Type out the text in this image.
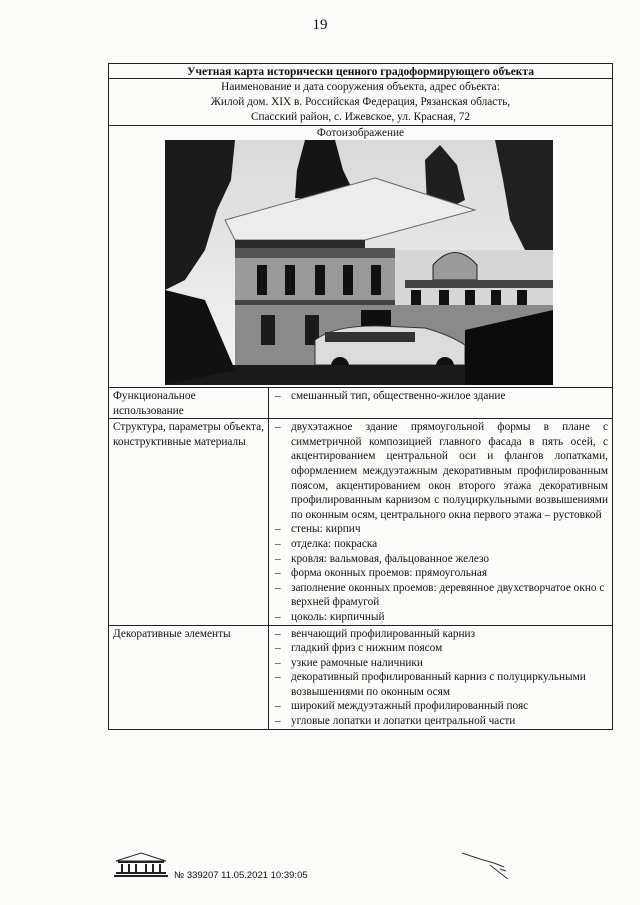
19
Учетная карта исторически ценного градоформирующего объекта
Наименование и дата сооружения объекта, адрес объекта:
Жилой дом. XIX в. Российская Федерация, Рязанская область,
Спасский район, с. Ижевское, ул. Красная, 72
Фотоизображение
Функциональное использование
– смешанный тип, общественно-жилое здание
Структура, параметры объекта, конструктивные материалы
– двухэтажное здание прямоугольной формы в плане с симметричной композицией главного фасада в пять осей, с акцентированием центральной оси и флангов лопатками, оформлением междуэтажным декоративным профилированным поясом, акцентированием окон второго этажа декоративным профилированным карнизом с полуциркульными возвышениями по оконным осям, центрального окна первого этажа – рустовкой
– стены: кирпич
– отделка: покраска
– кровля: вальмовая, фальцованное железо
– форма оконных проемов: прямоугольная
– заполнение оконных проемов: деревянное двухстворчатое окно с верхней фрамугой
– цоколь: кирпичный
Декоративные элементы	– венчающий профилированный карниз
– гладкий фриз с нижним поясом
– узкие рамочные наличники
– декоративный профилированный карниз с полуциркульными возвышениями по оконным осям
– широкий междуэтажный профилированный пояс
– угловые лопатки и лопатки центральной части
№ 339207 11.05.2021 10:39:05
